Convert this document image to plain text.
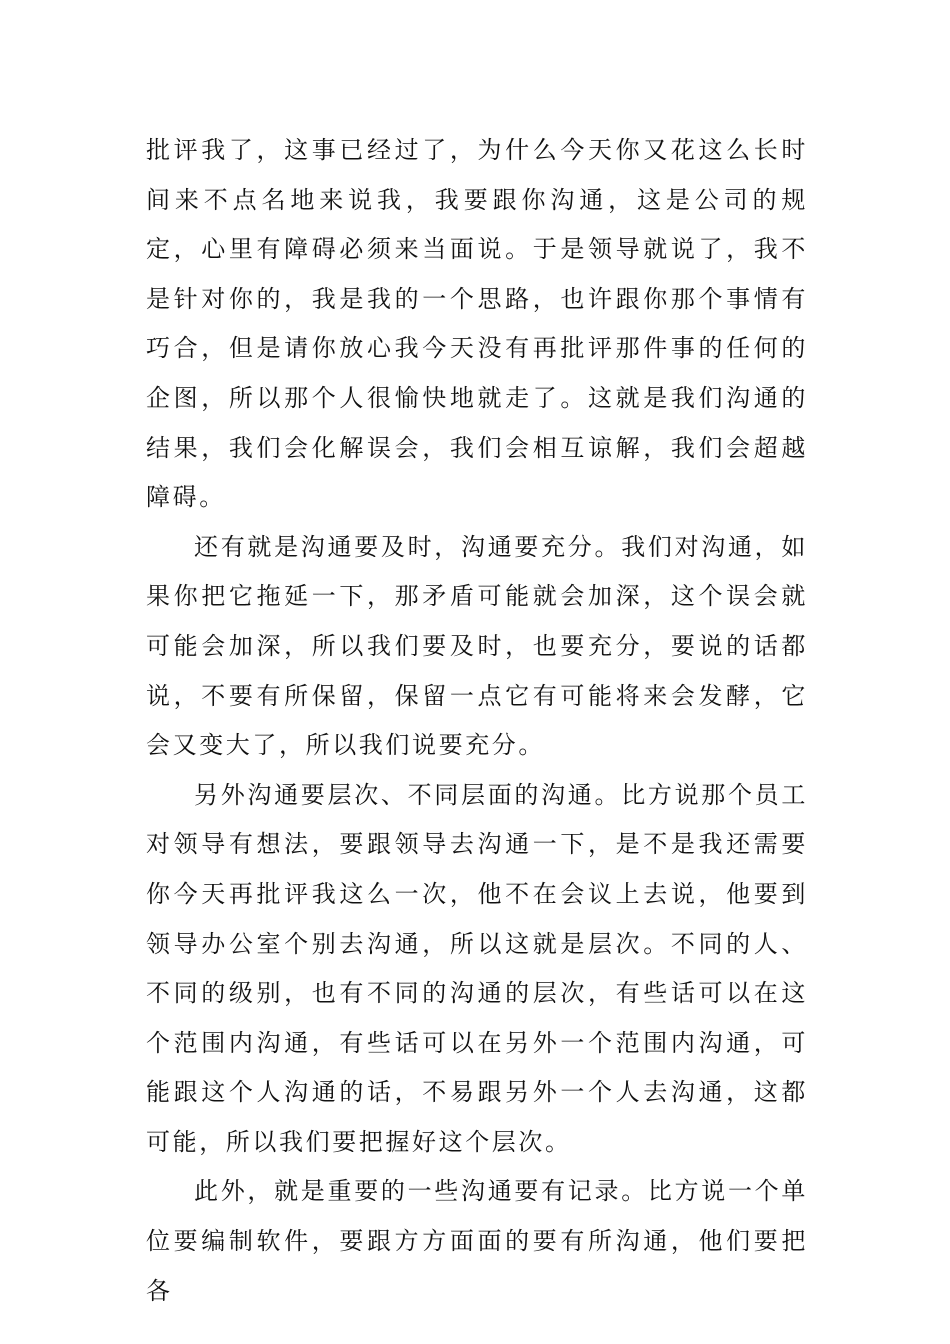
批评我了，这事已经过了，为什么今天你又花这么长时间来不点名地来说我，我要跟你沟通，这是公司的规定，心里有障碍必须来当面说。于是领导就说了，我不是针对你的，我是我的一个思路，也许跟你那个事情有巧合，但是请你放心我今天没有再批评那件事的任何的企图，所以那个人很愉快地就走了。这就是我们沟通的结果，我们会化解误会，我们会相互谅解，我们会超越障碍。

还有就是沟通要及时，沟通要充分。我们对沟通，如果你把它拖延一下，那矛盾可能就会加深，这个误会就可能会加深，所以我们要及时，也要充分，要说的话都说，不要有所保留，保留一点它有可能将来会发酵，它会又变大了，所以我们说要充分。

另外沟通要层次、不同层面的沟通。比方说那个员工对领导有想法，要跟领导去沟通一下，是不是我还需要你今天再批评我这么一次，他不在会议上去说，他要到领导办公室个别去沟通，所以这就是层次。不同的人、不同的级别，也有不同的沟通的层次，有些话可以在这个范围内沟通，有些话可以在另外一个范围内沟通，可能跟这个人沟通的话，不易跟另外一个人去沟通，这都可能，所以我们要把握好这个层次。

此外，就是重要的一些沟通要有记录。比方说一个单位要编制软件，要跟方方面面的要有所沟通，他们要把各
